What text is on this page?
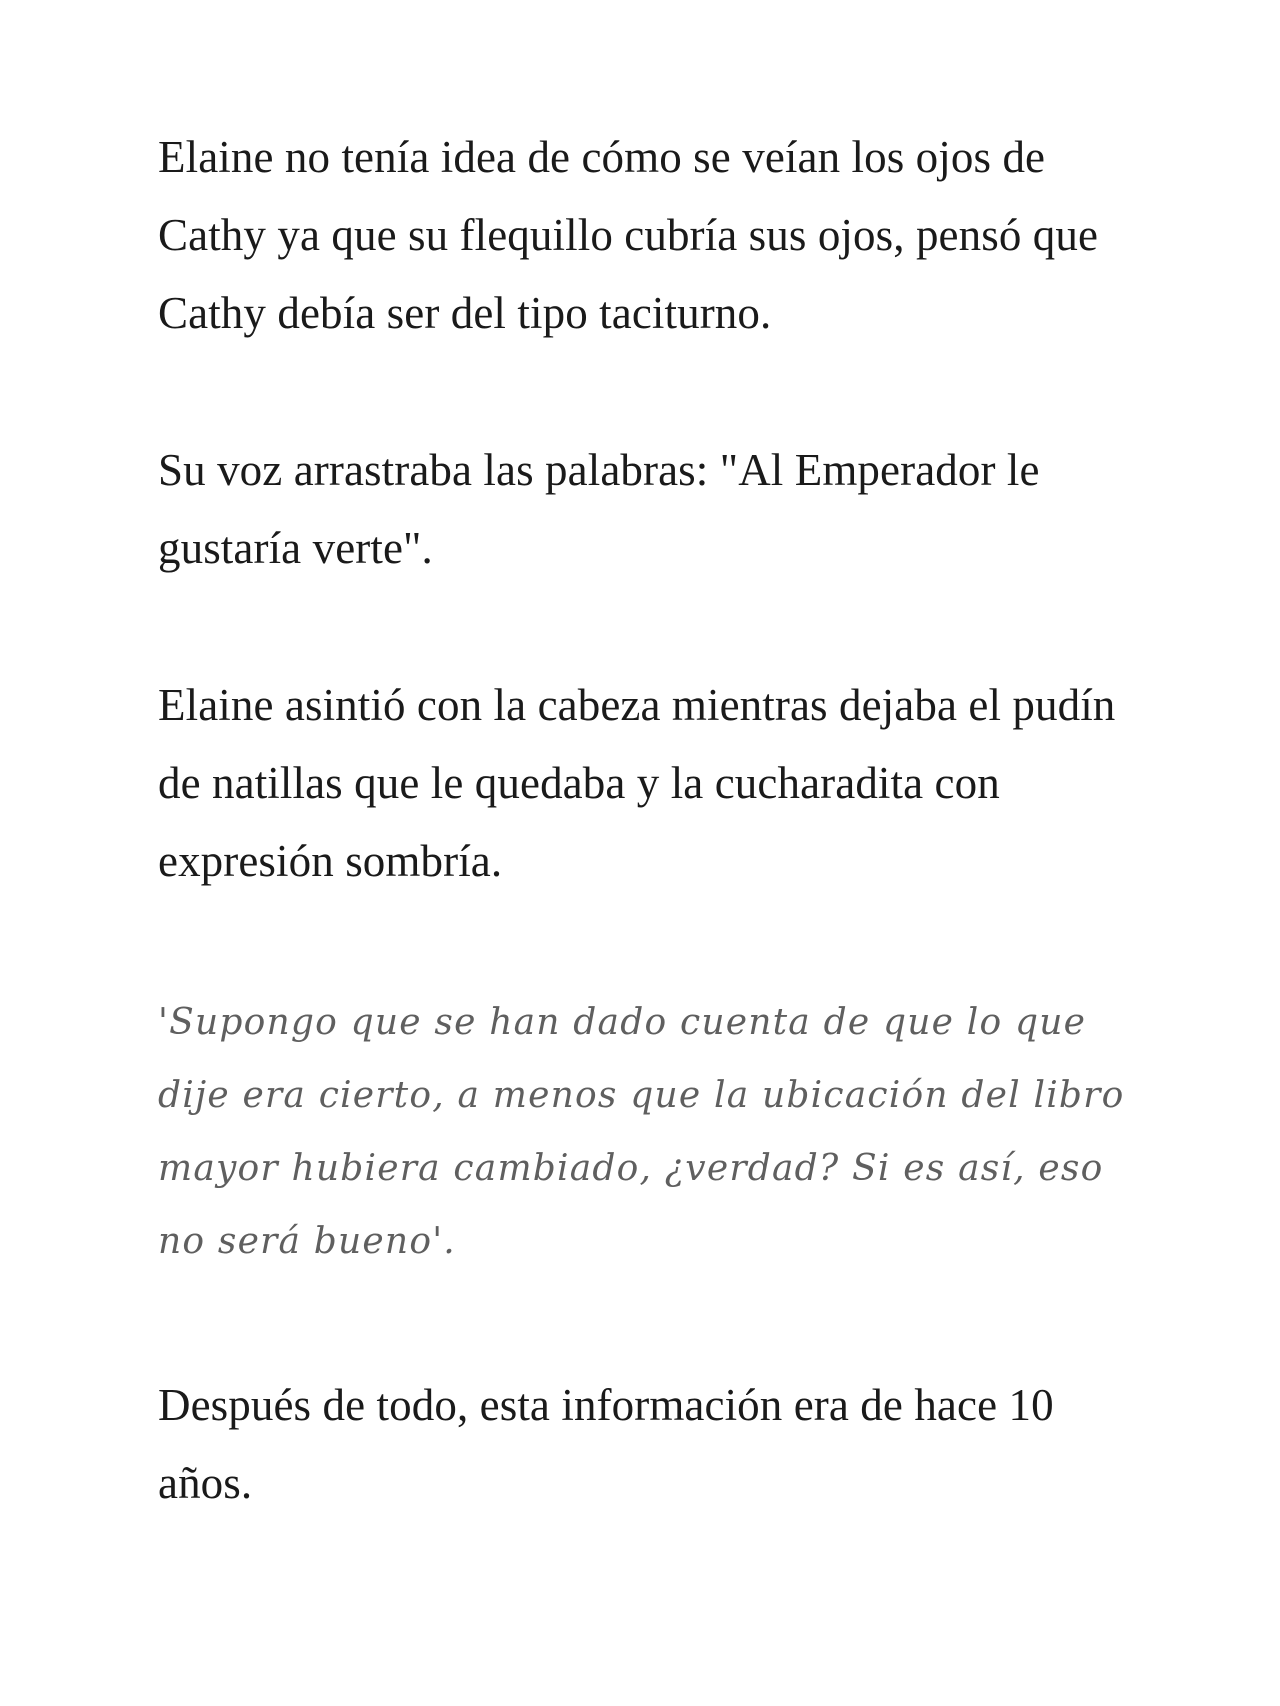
Elaine no tenía idea de cómo se veían los ojos de Cathy ya que su flequillo cubría sus ojos, pensó que Cathy debía ser del tipo taciturno.

Su voz arrastraba las palabras: "Al Emperador le gustaría verte".

Elaine asintió con la cabeza mientras dejaba el pudín de natillas que le quedaba y la cucharadita con expresión sombría.

'Supongo que se han dado cuenta de que lo que dije era cierto, a menos que la ubicación del libro mayor hubiera cambiado, ¿verdad? Si es así, eso no será bueno'.

Después de todo, esta información era de hace 10 años.
